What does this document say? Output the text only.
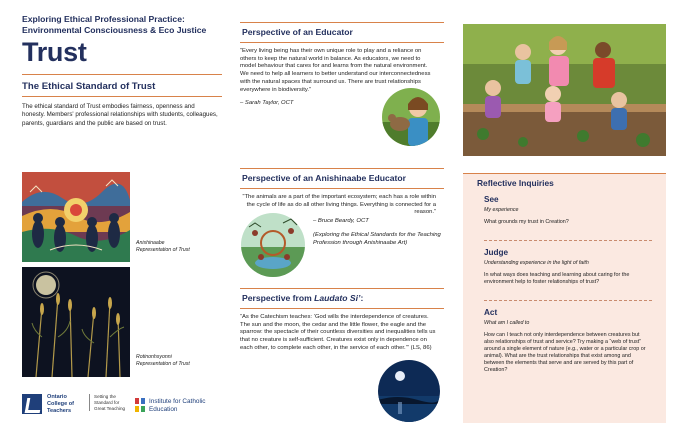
Exploring Ethical Professional Practice:
Environmental Consciousness & Eco Justice
Trust
The Ethical Standard of Trust
The ethical standard of Trust embodies fairness, openness and honesty. Members' professional relationships with students, colleagues, parents, guardians and the public are based on trust.
Anishinaabe Representation of Trust
Rotinonhsyonni Representation of Trust
Perspective of an Educator
“Every living being has their own unique role to play and a reliance on others to keep the natural world in balance. As educators, we need to model behaviour that cares for and learns from the natural environment. We need to help all learners to better understand our interconnectedness with the natural spaces that surround us. There are trust relationships everywhere in biodiversity.”
– Sarah Taylor, OCT
Perspective of an Anishinaabe Educator
“The animals are a part of the important ecosystem; each has a role within the cycle of life as do all other living things. Everything is connected for a reason.”
– Bruce Beardy, OCT
(Exploring the Ethical Standards for the Teaching Profession through Anishinaabe Art)
Perspective from Laudato Si’:
“As the Catechism teaches: ‘God wills the interdependence of creatures. The sun and the moon, the cedar and the little flower, the eagle and the sparrow: the spectacle of their countless diversities and inequalities tells us that no creature is self-sufficient. Creatures exist only in dependence on each other, to complete each other, in the service of each other.’” (LS, 86)
Reflective Inquiries
See
My experience
What grounds my trust in Creation?
Judge
Understanding experience in the light of faith
In what ways does teaching and learning about caring for the environment help to foster relationships of trust?
Act
What am I called to
How can I teach not only interdependence between creatures but also relationships of trust and service? Try making a “web of trust” around a single element of nature (e.g., water or a particular crop or animal). What are the trust relationships that exist among and between the elements that serve and are served by this part of Creation?
Ontario College of Teachers
Setting the Standard for Great Teaching
Institute for Catholic Education
